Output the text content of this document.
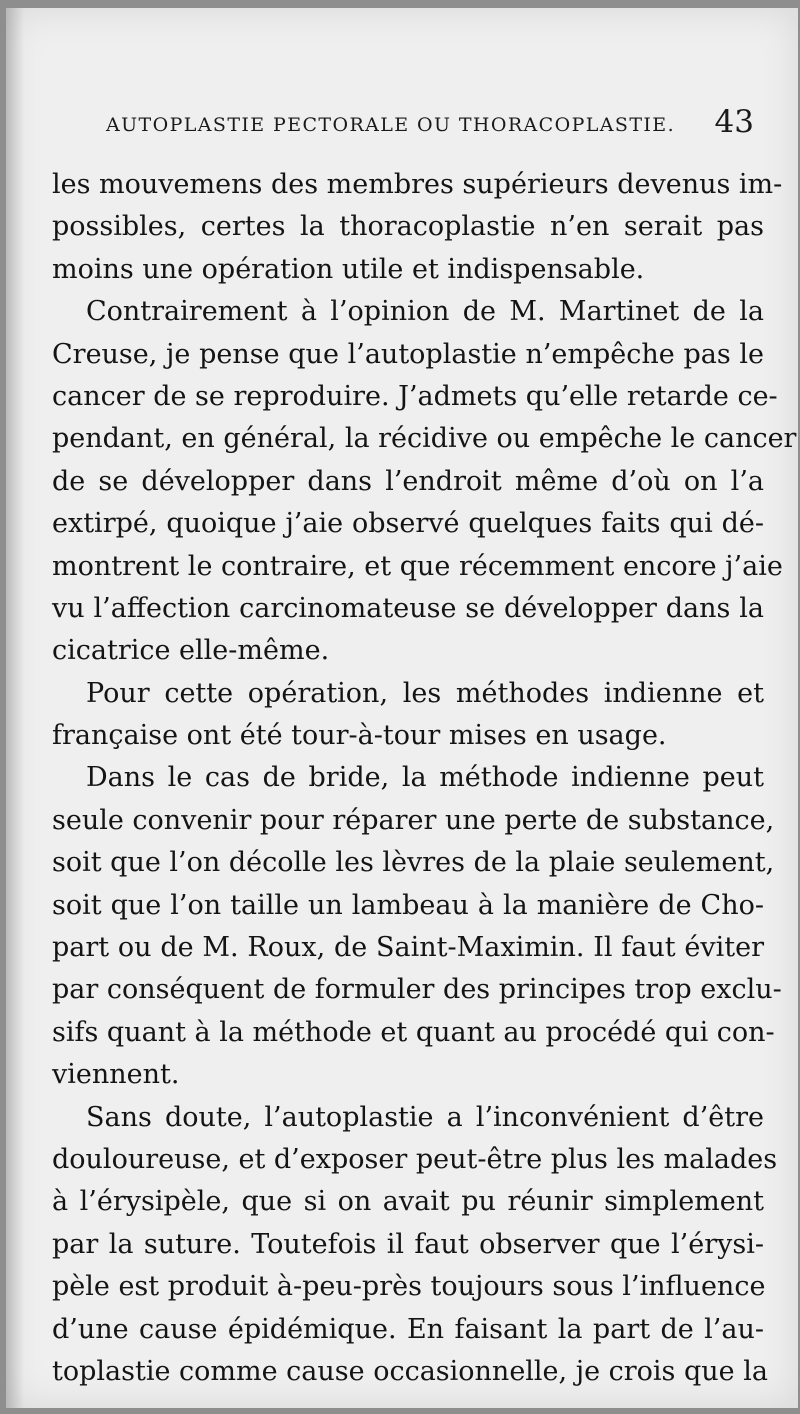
AUTOPLASTIE PECTORALE OU THORACOPLASTIE. 43
les mouvemens des membres supérieurs devenus im-
possibles, certes la thoracoplastie n’en serait pas
moins une opération utile et indispensable.
Contrairement à l’opinion de M. Martinet de la
Creuse, je pense que l’autoplastie n’empêche pas le
cancer de se reproduire. J’admets qu’elle retarde ce-
pendant, en général, la récidive ou empêche le cancer
de se développer dans l’endroit même d’où on l’a
extirpé, quoique j’aie observé quelques faits qui dé-
montrent le contraire, et que récemment encore j’aie
vu l’affection carcinomateuse se développer dans la
cicatrice elle-même.
Pour cette opération, les méthodes indienne et
française ont été tour-à-tour mises en usage.
Dans le cas de bride, la méthode indienne peut
seule convenir pour réparer une perte de substance,
soit que l’on décolle les lèvres de la plaie seulement,
soit que l’on taille un lambeau à la manière de Cho-
part ou de M. Roux, de Saint-Maximin. Il faut éviter
par conséquent de formuler des principes trop exclu-
sifs quant à la méthode et quant au procédé qui con-
viennent.
Sans doute, l’autoplastie a l’inconvénient d’être
douloureuse, et d’exposer peut-être plus les malades
à l’érysipèle, que si on avait pu réunir simplement
par la suture. Toutefois il faut observer que l’érysi-
pèle est produit à-peu-près toujours sous l’influence
d’une cause épidémique. En faisant la part de l’au-
toplastie comme cause occasionnelle, je crois que la
